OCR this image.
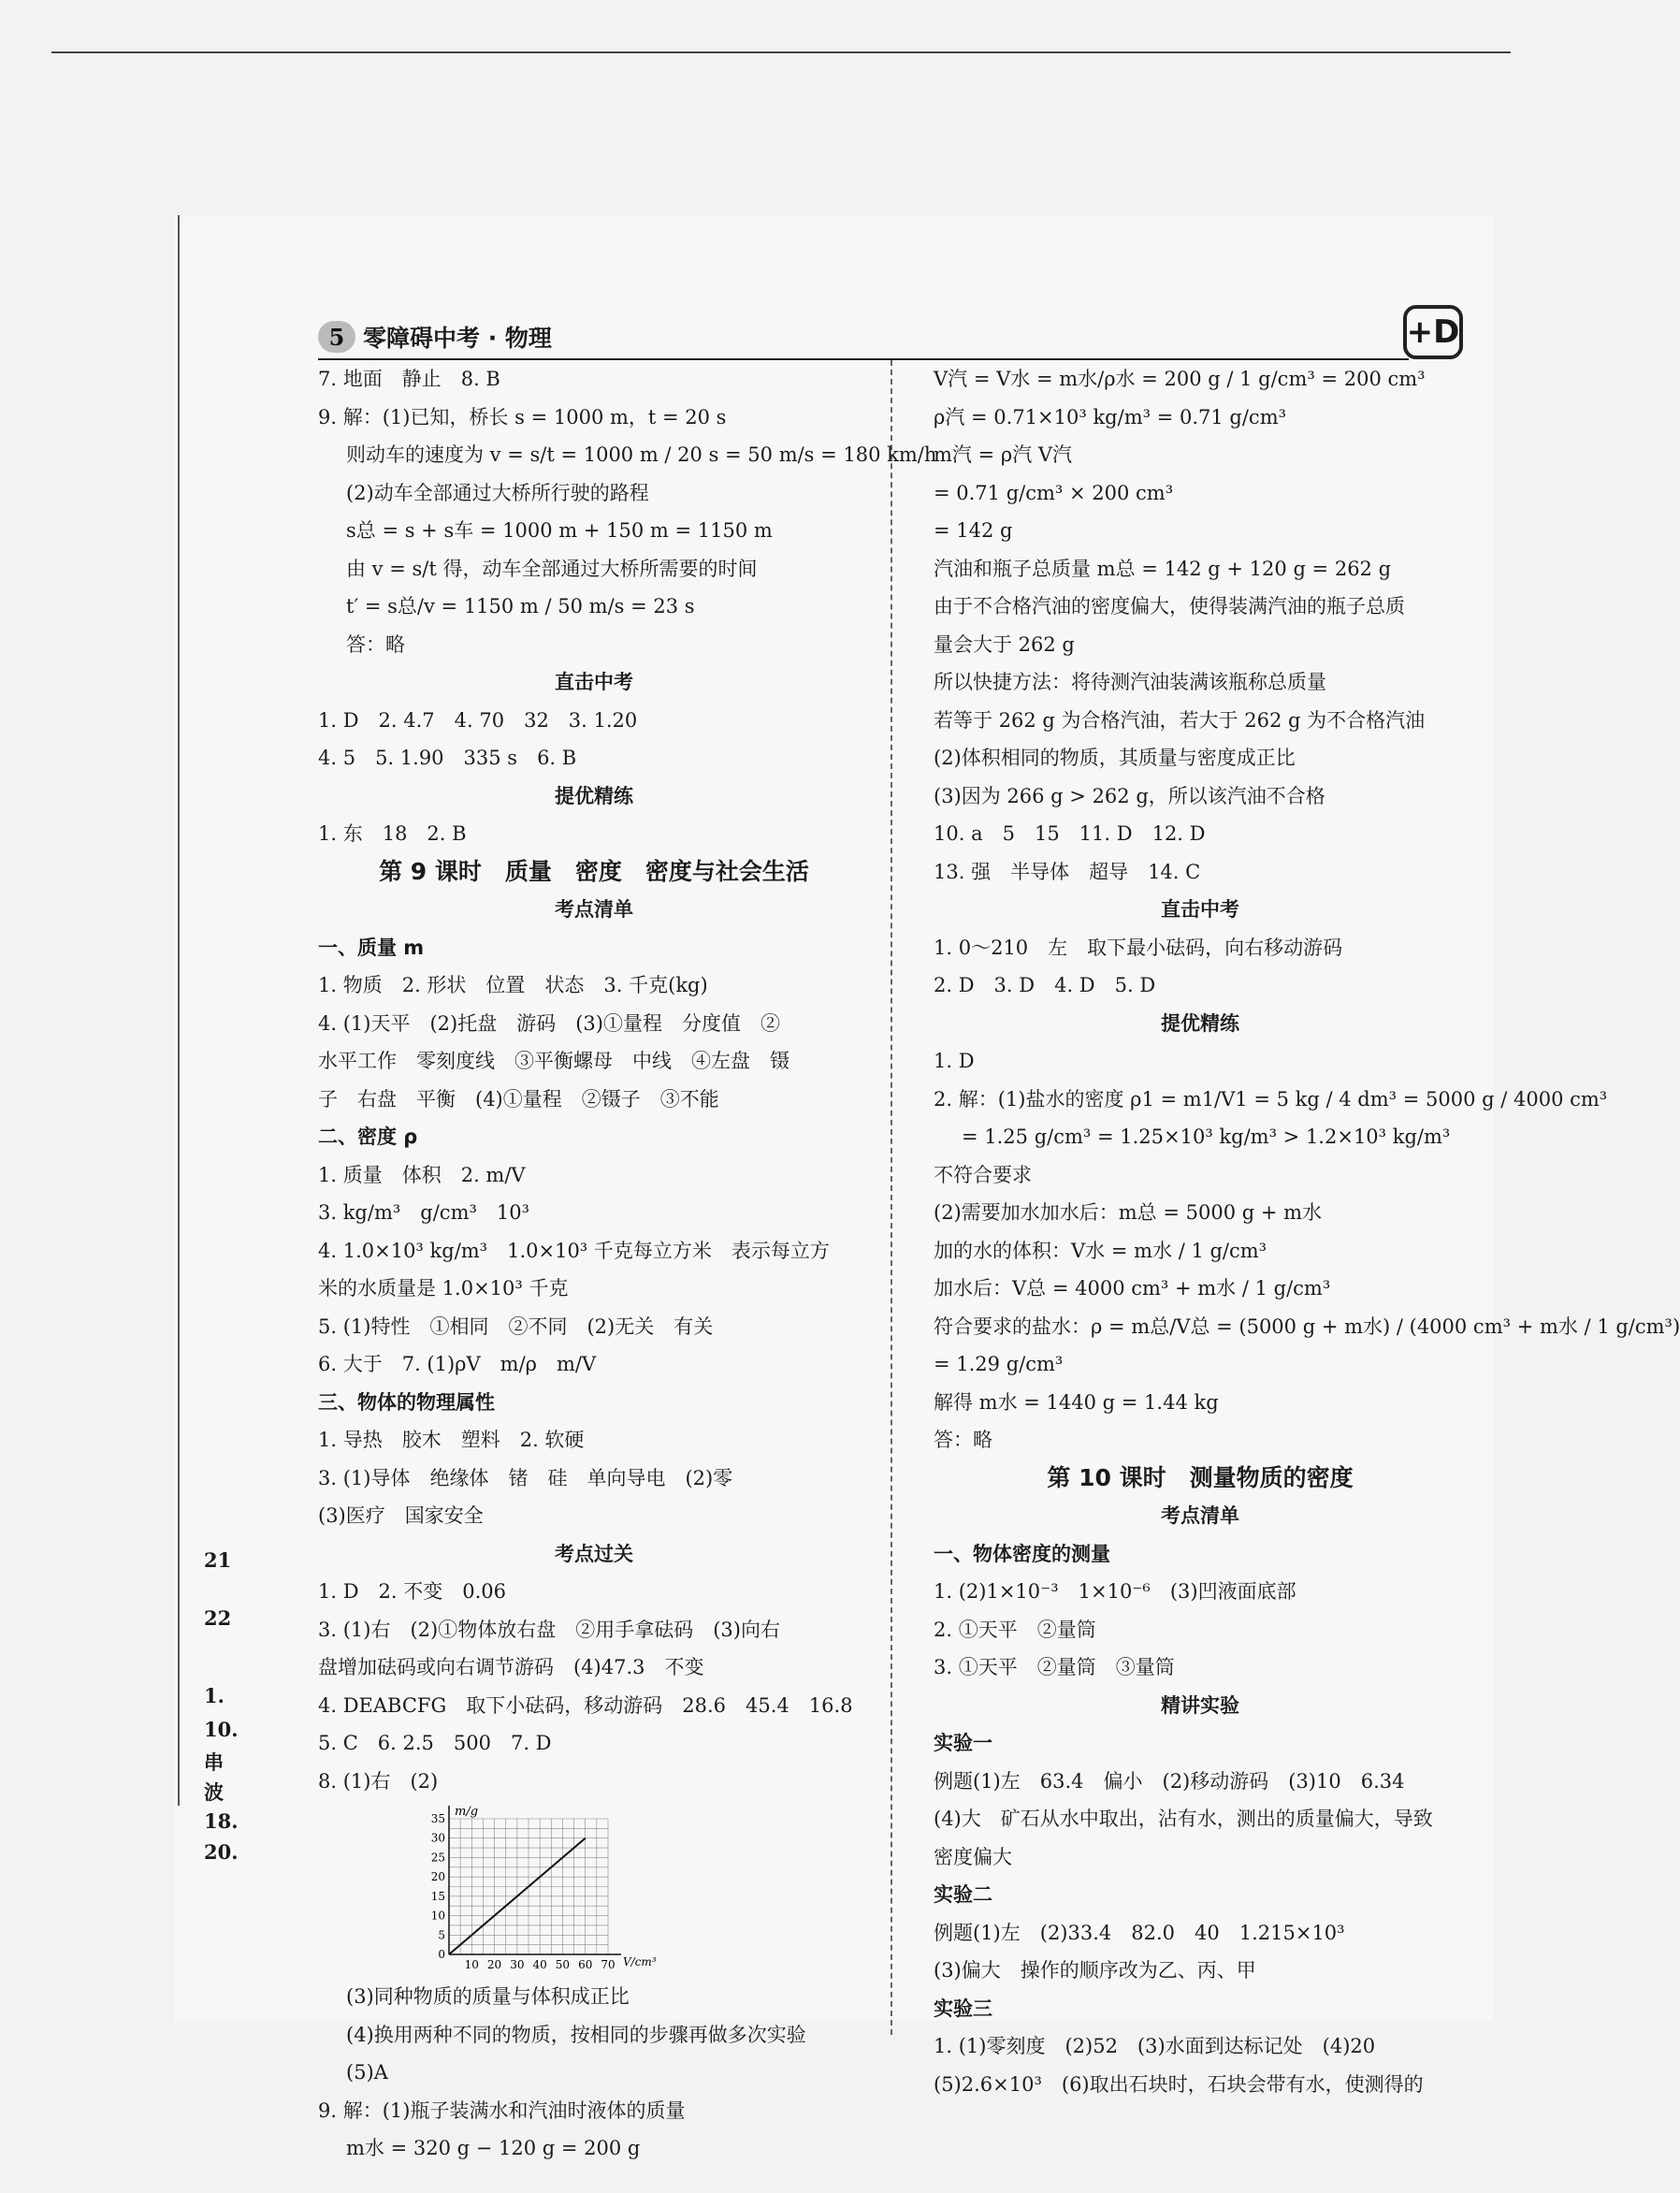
5 零障碍中考 · 物理	+D
7. 地面　静止　8. B
9. 解：(1)已知，桥长 s = 1000 m，t = 20 s
则动车的速度为 v = s/t = 1000 m / 20 s = 50 m/s = 180 km/h
(2)动车全部通过大桥所行驶的路程
s总 = s + s车 = 1000 m + 150 m = 1150 m
由 v = s/t 得，动车全部通过大桥所需要的时间
t′ = s总/v = 1150 m / 50 m/s = 23 s
答：略
直击中考
1. D　2. 4.7　4. 70　32　3. 1.20
4. 5　5. 1.90　335 s　6. B
提优精练
1. 东　18　2. B
第 9 课时　质量　密度　密度与社会生活
考点清单
一、质量 m
1. 物质　2. 形状　位置　状态　3. 千克(kg)
4. (1)天平　(2)托盘　游码　(3)①量程　分度值　②
水平工作　零刻度线　③平衡螺母　中线　④左盘　镊
子　右盘　平衡　(4)①量程　②镊子　③不能
二、密度 ρ
1. 质量　体积　2. m/V
3. kg/m³　g/cm³　10³
4. 1.0×10³ kg/m³　1.0×10³ 千克每立方米　表示每立方
米的水质量是 1.0×10³ 千克
5. (1)特性　①相同　②不同　(2)无关　有关
6. 大于　7. (1)ρV　m/ρ　m/V
三、物体的物理属性
1. 导热　胶木　塑料　2. 软硬
3. (1)导体　绝缘体　锗　硅　单向导电　(2)零
(3)医疗　国家安全
考点过关
1. D　2. 不变　0.06
3. (1)右　(2)①物体放右盘　②用手拿砝码　(3)向右
盘增加砝码或向右调节游码　(4)47.3　不变
4. DEABCFG　取下小砝码，移动游码　28.6　45.4　16.8
5. C　6. 2.5　500　7. D
8. (1)右　(2)
10 20 30 40 50 60 70
0
5
10
15
20
25
30
35
V/cm³
m/g
(3)同种物质的质量与体积成正比
(4)换用两种不同的物质，按相同的步骤再做多次实验
(5)A
9. 解：(1)瓶子装满水和汽油时液体的质量
m水 = 320 g − 120 g = 200 g
V汽 = V水 = m水/ρ水 = 200 g / 1 g/cm³ = 200 cm³
ρ汽 = 0.71×10³ kg/m³ = 0.71 g/cm³
m汽 = ρ汽 V汽
= 0.71 g/cm³ × 200 cm³
= 142 g
汽油和瓶子总质量 m总 = 142 g + 120 g = 262 g
由于不合格汽油的密度偏大，使得装满汽油的瓶子总质
量会大于 262 g
所以快捷方法：将待测汽油装满该瓶称总质量
若等于 262 g 为合格汽油，若大于 262 g 为不合格汽油
(2)体积相同的物质，其质量与密度成正比
(3)因为 266 g > 262 g，所以该汽油不合格
10. a　5　15　11. D　12. D
13. 强　半导体　超导　14. C
直击中考
1. 0～210　左　取下最小砝码，向右移动游码
2. D　3. D　4. D　5. D
提优精练
1. D
2. 解：(1)盐水的密度 ρ1 = m1/V1 = 5 kg / 4 dm³ = 5000 g / 4000 cm³
= 1.25 g/cm³ = 1.25×10³ kg/m³ > 1.2×10³ kg/m³
不符合要求
(2)需要加水加水后：m总 = 5000 g + m水
加的水的体积：V水 = m水 / 1 g/cm³
加水后：V总 = 4000 cm³ + m水 / 1 g/cm³
符合要求的盐水：ρ = m总/V总 = (5000 g + m水) / (4000 cm³ + m水 / 1 g/cm³)
= 1.29 g/cm³
解得 m水 = 1440 g = 1.44 kg
答：略
第 10 课时　测量物质的密度
考点清单
一、物体密度的测量
1. (2)1×10⁻³　1×10⁻⁶　(3)凹液面底部
2. ①天平　②量筒
3. ①天平　②量筒　③量筒
精讲实验
实验一
例题(1)左　63.4　偏小　(2)移动游码　(3)10　6.34
(4)大　矿石从水中取出，沾有水，测出的质量偏大，导致
密度偏大
实验二
例题(1)左　(2)33.4　82.0　40　1.215×10³
(3)偏大　操作的顺序改为乙、丙、甲
实验三
1. (1)零刻度　(2)52　(3)水面到达标记处　(4)20
(5)2.6×10³　(6)取出石块时，石块会带有水，使测得的
21
22
1.
10.
串
波
18.
20.
